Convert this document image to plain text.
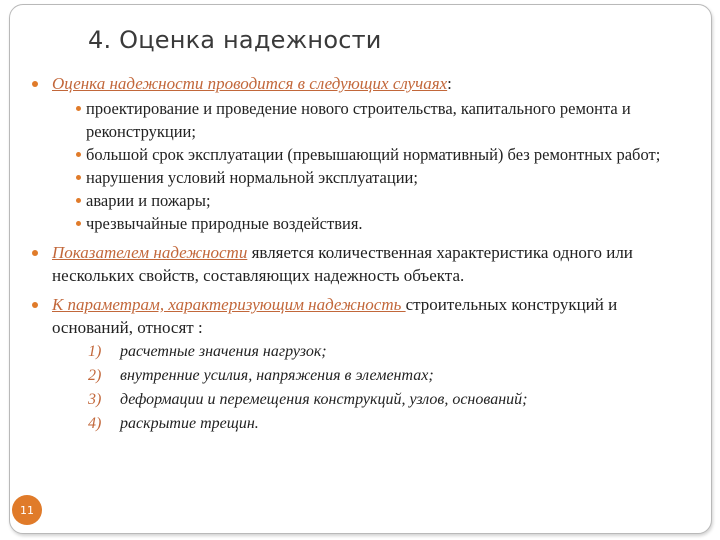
4. Оценка надежности
Оценка надежности проводится в следующих случаях:
проектирование и проведение нового строительства, капитального ремонта и реконструкции;
большой срок эксплуатации (превышающий нормативный) без ремонтных работ;
нарушения условий нормальной эксплуатации;
аварии и пожары;
чрезвычайные природные воздействия.
Показателем надежности является количественная характеристика одного или нескольких свойств, составляющих надежность объекта.
К параметрам, характеризующим надежность строительных конструкций и оснований, относят :
1) расчетные значения нагрузок;
2) внутренние усилия, напряжения в элементах;
3) деформации и перемещения конструкций, узлов, оснований;
4) раскрытие трещин.
11
